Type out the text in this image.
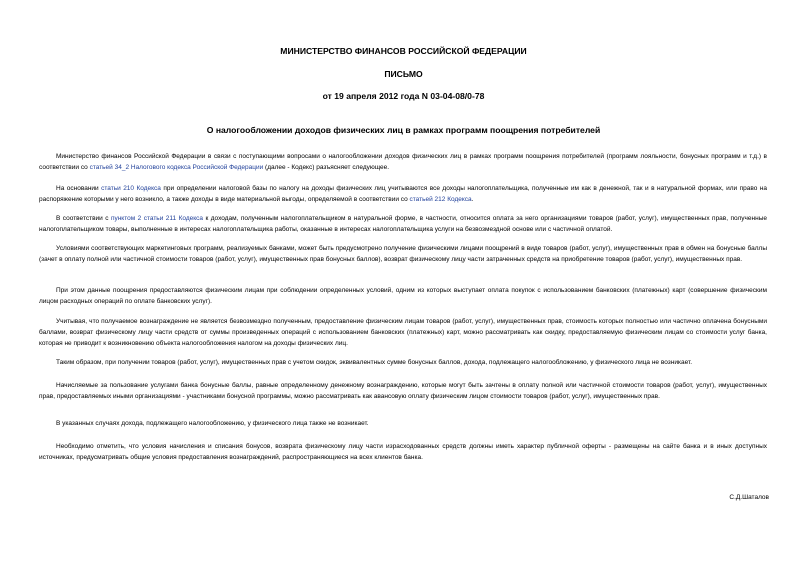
МИНИСТЕРСТВО ФИНАНСОВ РОССИЙСКОЙ ФЕДЕРАЦИИ
ПИСЬМО
от 19 апреля 2012 года N 03-04-08/0-78
О налогообложении доходов физических лиц в рамках программ поощрения потребителей

Министерство финансов Российской Федерации в связи с поступающими вопросами о налогообложении доходов физических лиц в рамках программ поощрения потребителей (программ лояльности, бонусных программ и т.д.) в соответствии со статьей 34_2 Налогового кодекса Российской Федерации (далее - Кодекс) разъясняет следующее.

На основании статьи 210 Кодекса при определении налоговой базы по налогу на доходы физических лиц учитываются все доходы налогоплательщика, полученные им как в денежной, так и в натуральной формах, или право на распоряжение которыми у него возникло, а также доходы в виде материальной выгоды, определяемой в соответствии со статьей 212 Кодекса.

В соответствии с пунктом 2 статьи 211 Кодекса к доходам, полученным налогоплательщиком в натуральной форме, в частности, относится оплата за него организациями товаров (работ, услуг), имущественных прав, полученные налогоплательщиком товары, выполненные в интересах налогоплательщика работы, оказанные в интересах налогоплательщика услуги на безвозмездной основе или с частичной оплатой.

Условиями соответствующих маркетинговых программ, реализуемых банками, может быть предусмотрено получение физическими лицами поощрений в виде товаров (работ, услуг), имущественных прав в обмен на бонусные баллы (зачет в оплату полной или частичной стоимости товаров (работ, услуг), имущественных прав бонусных баллов), возврат физическому лицу части затраченных средств на приобретение товаров (работ, услуг), имущественных прав.

При этом данные поощрения предоставляются физическим лицам при соблюдении определенных условий, одним из которых выступает оплата покупок с использованием банковских (платежных) карт (совершение физическим лицом расходных операций по оплате банковских услуг).

Учитывая, что получаемое вознаграждение не является безвозмездно полученным, предоставление физическим лицам товаров (работ, услуг), имущественных прав, стоимость которых полностью или частично оплачена бонусными баллами, возврат физическому лицу части средств от суммы произведенных операций с использованием банковских (платежных) карт, можно рассматривать как скидку, предоставляемую физическим лицам со стоимости услуг банка, которая не приводит к возникновению объекта налогообложения налогом на доходы физических лиц.

Таким образом, при получении товаров (работ, услуг), имущественных прав с учетом скидок, эквивалентных сумме бонусных баллов, дохода, подлежащего налогообложению, у физического лица не возникает.

Начисляемые за пользование услугами банка бонусные баллы, равные определенному денежному вознаграждению, которые могут быть зачтены в оплату полной или частичной стоимости товаров (работ, услуг), имущественных прав, предоставляемых иными организациями - участниками бонусной программы, можно рассматривать как авансовую оплату физическим лицом стоимости товаров (работ, услуг), имущественных прав.

В указанных случаях дохода, подлежащего налогообложению, у физического лица также не возникает.

Необходимо отметить, что условия начисления и списания бонусов, возврата физическому лицу части израсходованных средств должны иметь характер публичной оферты - размещены на сайте банка и в иных доступных источниках, предусматривать общие условия предоставления вознаграждений, распространяющиеся на всех клиентов банка.

С.Д.Шаталов
